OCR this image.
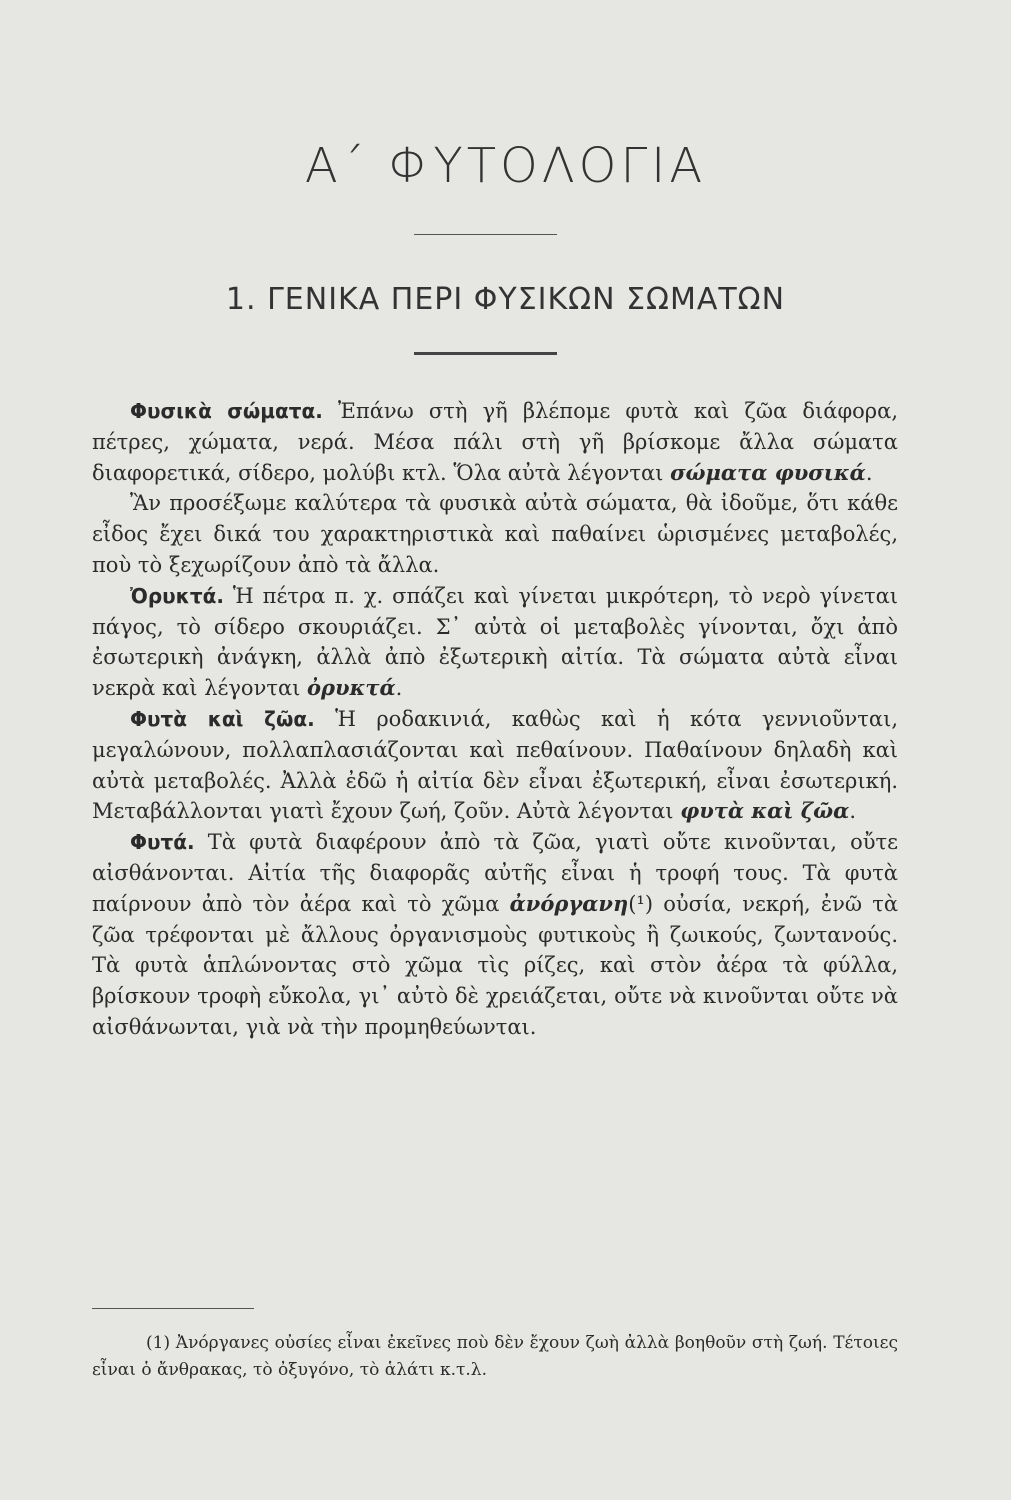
Α΄ ΦΥΤΟΛΟΓΙΑ
1. ΓΕΝΙΚΑ ΠΕΡΙ ΦΥΣΙΚΩΝ ΣΩΜΑΤΩΝ

Φυσικὰ σώματα. Ἐπάνω στὴ γῆ βλέπομε φυτὰ καὶ ζῶα διάφορα, πέτρες, χώματα, νερά. Μέσα πάλι στὴ γῆ βρίσκομε ἄλλα σώματα διαφορετικά, σίδερο, μολύβι κτλ. Ὅλα αὐτὰ λέγονται σώματα φυσικά.

Ἂν προσέξωμε καλύτερα τὰ φυσικὰ αὐτὰ σώματα, θὰ ἰδοῦμε, ὅτι κάθε εἶδος ἔχει δικά του χαρακτηριστικὰ καὶ παθαίνει ὡρισμένες μεταβολές, ποὺ τὸ ξεχωρίζουν ἀπὸ τὰ ἄλλα.

Ὀρυκτά. Ἡ πέτρα π. χ. σπάζει καὶ γίνεται μικρότερη, τὸ νερὸ γίνεται πάγος, τὸ σίδερο σκουριάζει. Σ᾽ αὐτὰ οἱ μεταβολὲς γίνονται, ὄχι ἀπὸ ἐσωτερικὴ ἀνάγκη, ἀλλὰ ἀπὸ ἐξωτερικὴ αἰτία. Τὰ σώματα αὐτὰ εἶναι νεκρὰ καὶ λέγονται ὀρυκτά.

Φυτὰ καὶ ζῶα. Ἡ ροδακινιά, καθὼς καὶ ἡ κότα γεννιοῦνται, μεγαλώνουν, πολλαπλασιάζονται καὶ πεθαίνουν. Παθαίνουν δηλαδὴ καὶ αὐτὰ μεταβολές. Ἀλλὰ ἐδῶ ἡ αἰτία δὲν εἶναι ἐξωτερική, εἶναι ἐσωτερική. Μεταβάλλονται γιατὶ ἔχουν ζωή, ζοῦν. Αὐτὰ λέγονται φυτὰ καὶ ζῶα.

Φυτά. Τὰ φυτὰ διαφέρουν ἀπὸ τὰ ζῶα, γιατὶ οὔτε κινοῦνται, οὔτε αἰσθάνονται. Αἰτία τῆς διαφορᾶς αὐτῆς εἶναι ἡ τροφή τους. Τὰ φυτὰ παίρνουν ἀπὸ τὸν ἀέρα καὶ τὸ χῶμα ἀνόργανη(¹) οὐσία, νεκρή, ἐνῶ τὰ ζῶα τρέφονται μὲ ἄλλους ὀργανισμοὺς φυτικοὺς ἢ ζωικούς, ζωντανούς. Τὰ φυτὰ ἁπλώνοντας στὸ χῶμα τὶς ρίζες, καὶ στὸν ἀέρα τὰ φύλλα, βρίσκουν τροφὴ εὔκολα, γι᾽ αὐτὸ δὲ χρειάζεται, οὔτε νὰ κινοῦνται οὔτε νὰ αἰσθάνωνται, γιὰ νὰ τὴν προμηθεύωνται.

(1) Ἀνόργανες οὐσίες εἶναι ἐκεῖνες ποὺ δὲν ἔχουν ζωὴ ἀλλὰ βοηθοῦν στὴ ζωή. Τέτοιες εἶναι ὁ ἄνθρακας, τὸ ὀξυγόνο, τὸ ἁλάτι κ.τ.λ.
